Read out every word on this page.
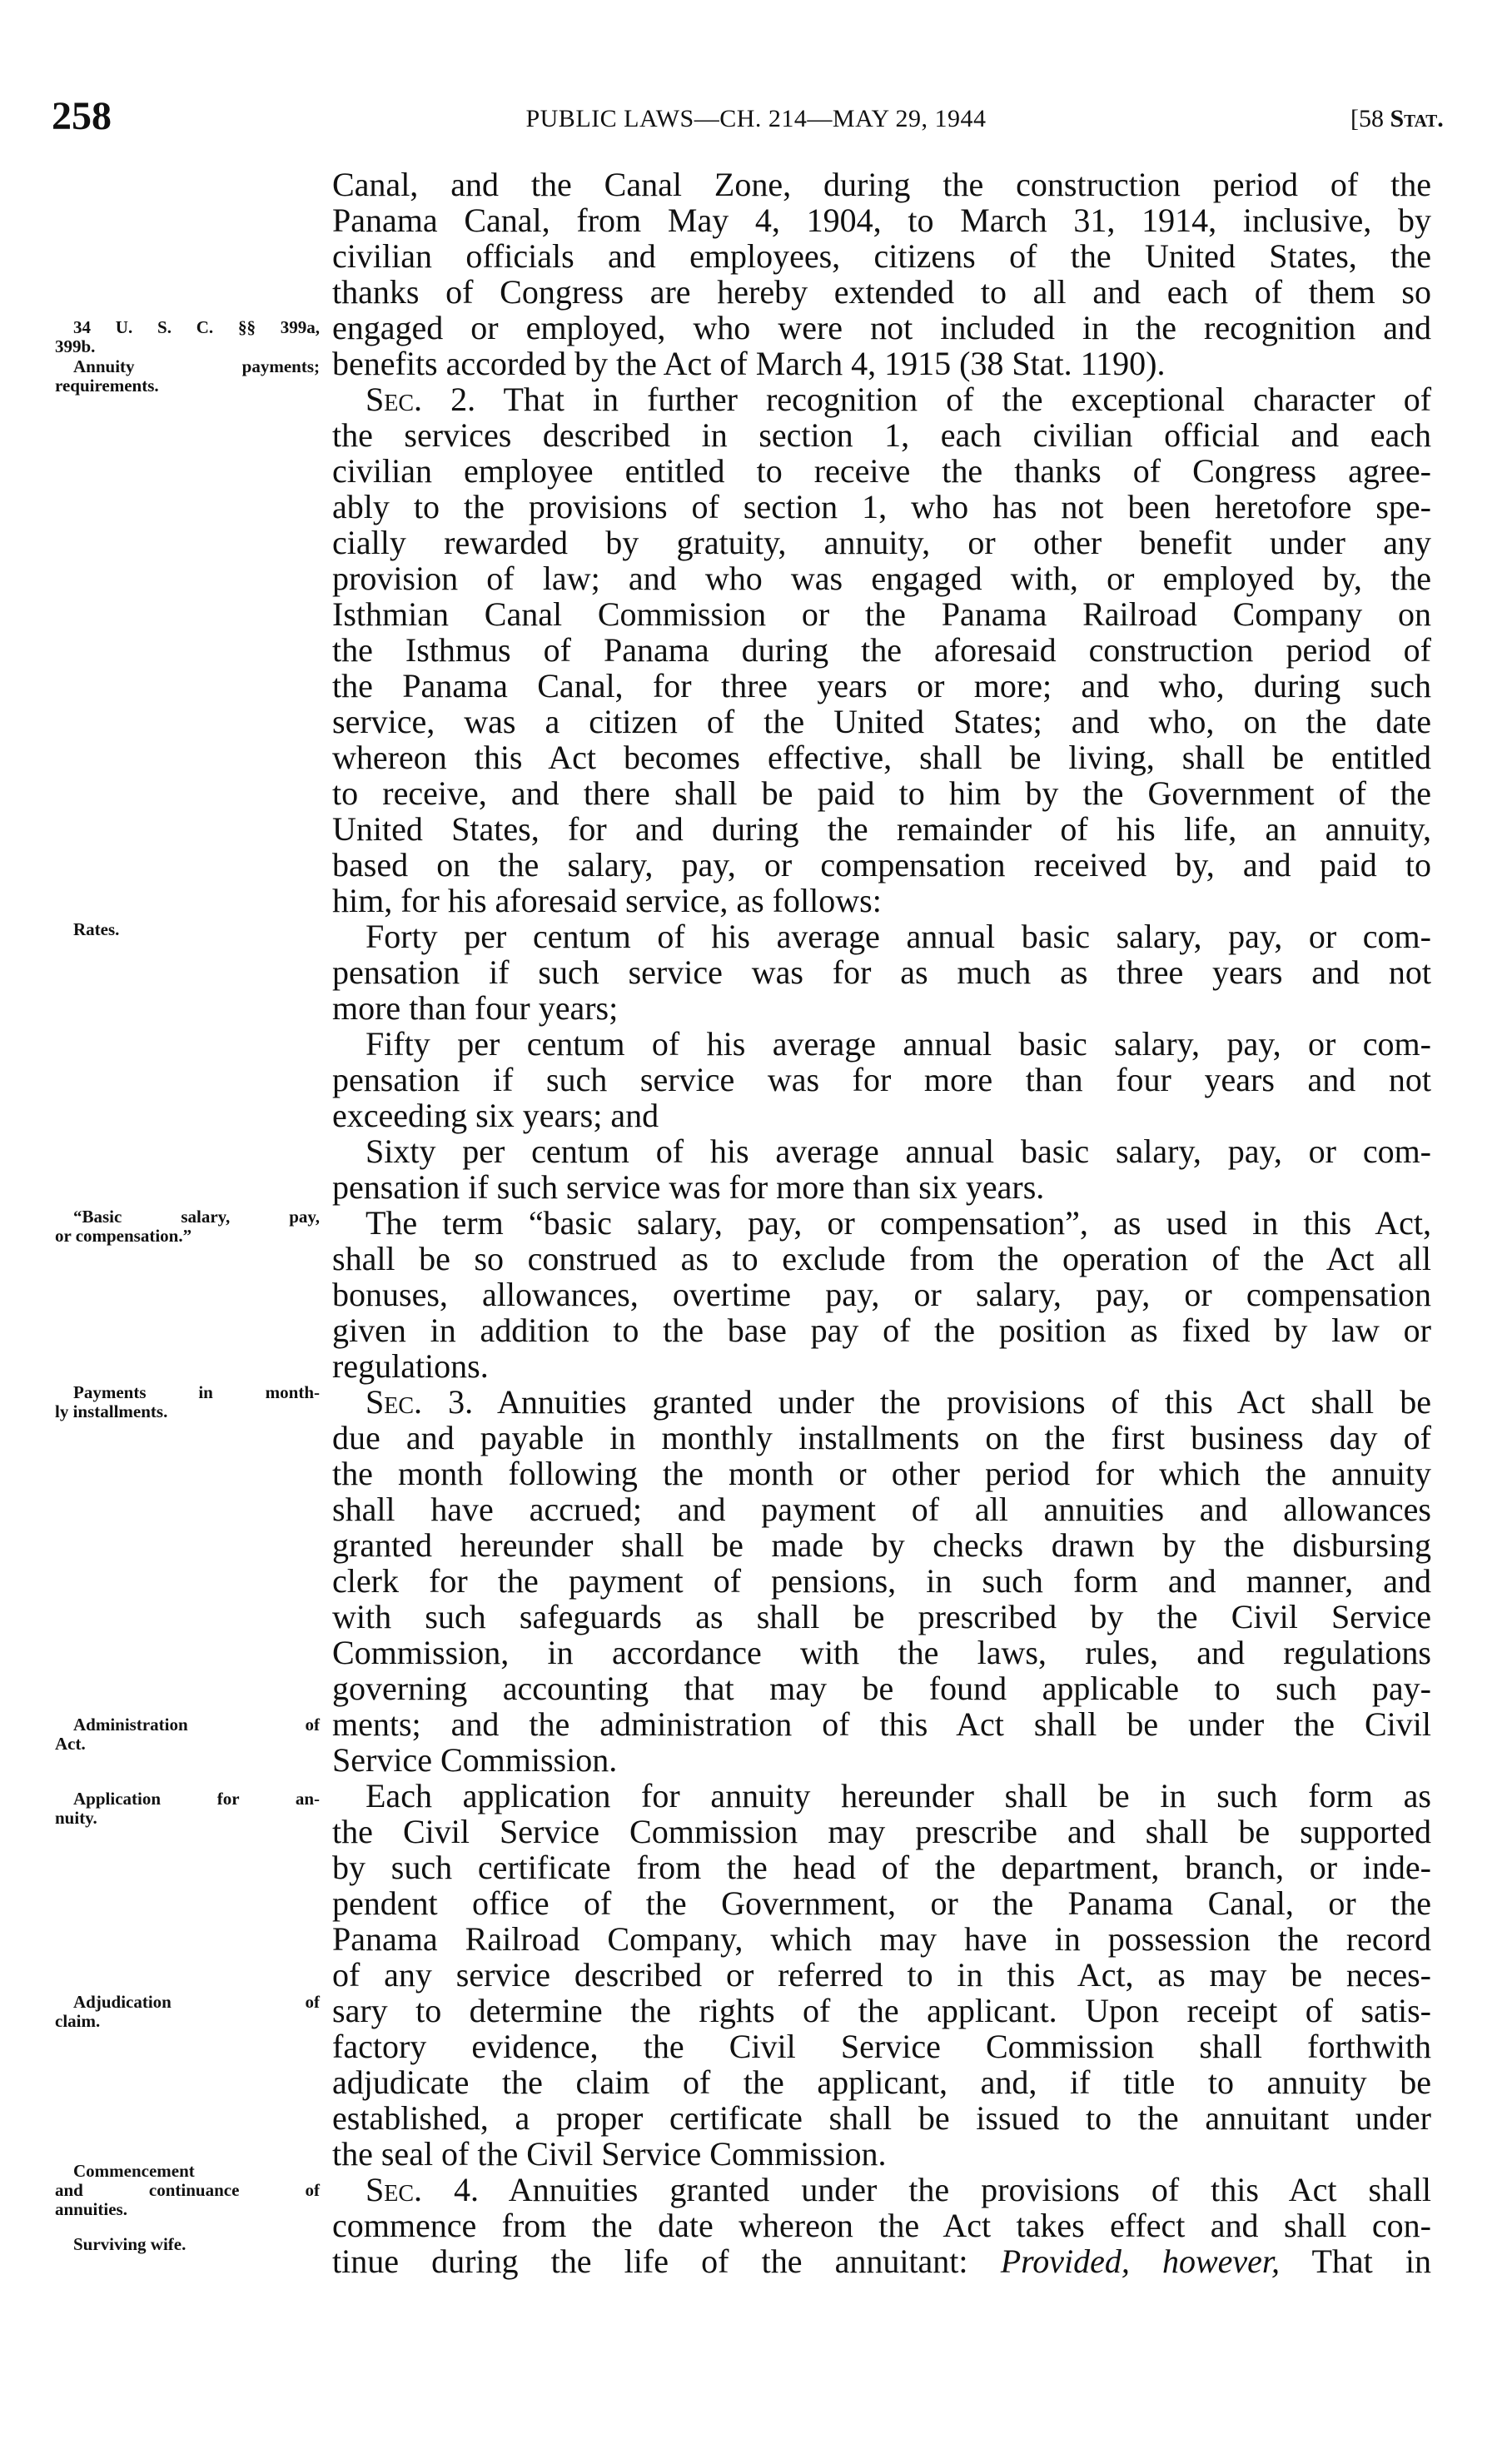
258	PUBLIC LAWS—CH. 214—MAY 29, 1944	[58 Stat.
34 U. S. C. §§ 399a,
399b.
Annuity payments;
requirements.
Rates.
“Basic salary, pay,
or compensation.”
Payments in month-
ly installments.
Administration of
Act.
Application for an-
nuity.
Adjudication of
claim.
Commencement
and continuance of
annuities.
Surviving wife.
Canal, and the Canal Zone, during the construction period of the
Panama Canal, from May 4, 1904, to March 31, 1914, inclusive, by
civilian officials and employees, citizens of the United States, the
thanks of Congress are hereby extended to all and each of them so
engaged or employed, who were not included in the recognition and
benefits accorded by the Act of March 4, 1915 (38 Stat. 1190).
Sec. 2. That in further recognition of the exceptional character of
the services described in section 1, each civilian official and each
civilian employee entitled to receive the thanks of Congress agree-
ably to the provisions of section 1, who has not been heretofore spe-
cially rewarded by gratuity, annuity, or other benefit under any
provision of law; and who was engaged with, or employed by, the
Isthmian Canal Commission or the Panama Railroad Company on
the Isthmus of Panama during the aforesaid construction period of
the Panama Canal, for three years or more; and who, during such
service, was a citizen of the United States; and who, on the date
whereon this Act becomes effective, shall be living, shall be entitled
to receive, and there shall be paid to him by the Government of the
United States, for and during the remainder of his life, an annuity,
based on the salary, pay, or compensation received by, and paid to
him, for his aforesaid service, as follows:
Forty per centum of his average annual basic salary, pay, or com-
pensation if such service was for as much as three years and not
more than four years;
Fifty per centum of his average annual basic salary, pay, or com-
pensation if such service was for more than four years and not
exceeding six years; and
Sixty per centum of his average annual basic salary, pay, or com-
pensation if such service was for more than six years.
The term “basic salary, pay, or compensation”, as used in this Act,
shall be so construed as to exclude from the operation of the Act all
bonuses, allowances, overtime pay, or salary, pay, or compensation
given in addition to the base pay of the position as fixed by law or
regulations.
Sec. 3. Annuities granted under the provisions of this Act shall be
due and payable in monthly installments on the first business day of
the month following the month or other period for which the annuity
shall have accrued; and payment of all annuities and allowances
granted hereunder shall be made by checks drawn by the disbursing
clerk for the payment of pensions, in such form and manner, and
with such safeguards as shall be prescribed by the Civil Service
Commission, in accordance with the laws, rules, and regulations
governing accounting that may be found applicable to such pay-
ments; and the administration of this Act shall be under the Civil
Service Commission.
Each application for annuity hereunder shall be in such form as
the Civil Service Commission may prescribe and shall be supported
by such certificate from the head of the department, branch, or inde-
pendent office of the Government, or the Panama Canal, or the
Panama Railroad Company, which may have in possession the record
of any service described or referred to in this Act, as may be neces-
sary to determine the rights of the applicant. Upon receipt of satis-
factory evidence, the Civil Service Commission shall forthwith
adjudicate the claim of the applicant, and, if title to annuity be
established, a proper certificate shall be issued to the annuitant under
the seal of the Civil Service Commission.
Sec. 4. Annuities granted under the provisions of this Act shall
commence from the date whereon the Act takes effect and shall con-
tinue during the life of the annuitant: Provided, however, That in
